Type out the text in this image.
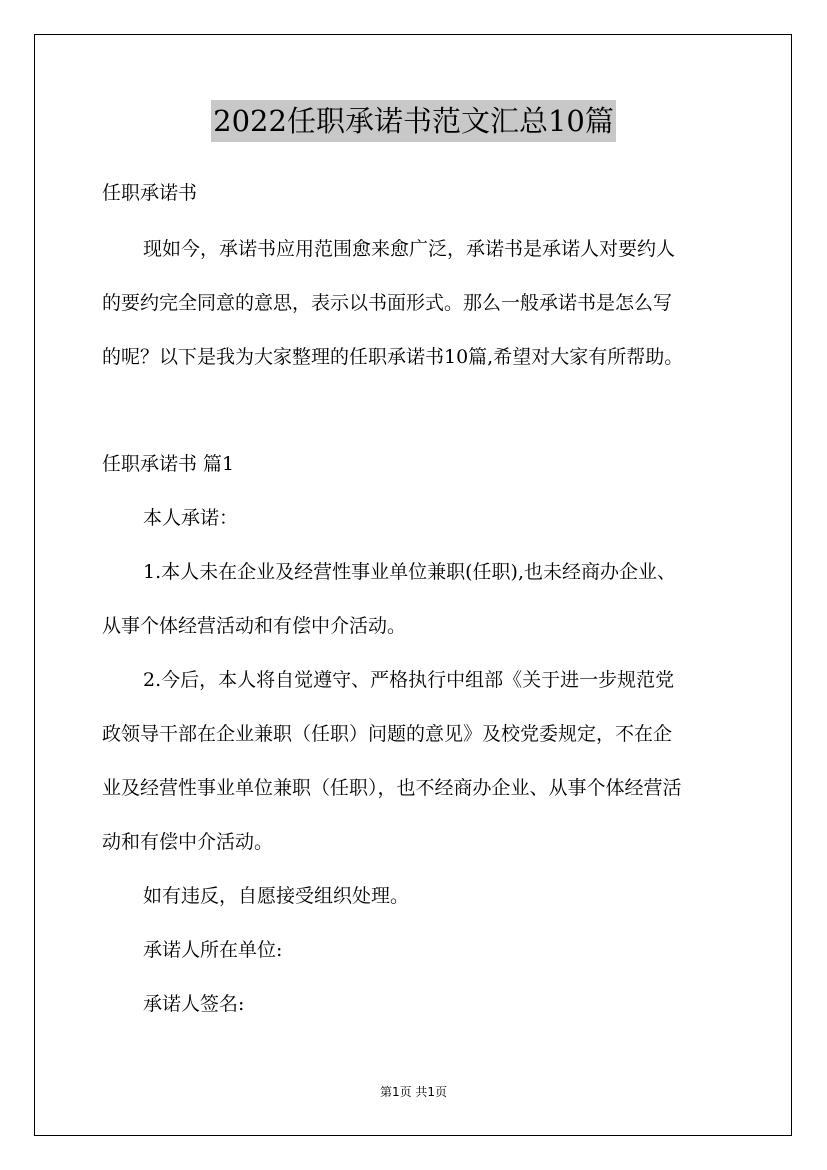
2022任职承诺书范文汇总10篇
任职承诺书
现如今，承诺书应用范围愈来愈广泛，承诺书是承诺人对要约人
的要约完全同意的意思，表示以书面形式。那么一般承诺书是怎么写
的呢？以下是我为大家整理的任职承诺书10篇,希望对大家有所帮助。
任职承诺书 篇1
本人承诺：
1.本人未在企业及经营性事业单位兼职(任职),也未经商办企业、
从事个体经营活动和有偿中介活动。
2.今后，本人将自觉遵守、严格执行中组部《关于进一步规范党
政领导干部在企业兼职（任职）问题的意见》及校党委规定，不在企
业及经营性事业单位兼职（任职），也不经商办企业、从事个体经营活
动和有偿中介活动。
如有违反，自愿接受组织处理。
承诺人所在单位:
承诺人签名:
第1页 共1页
